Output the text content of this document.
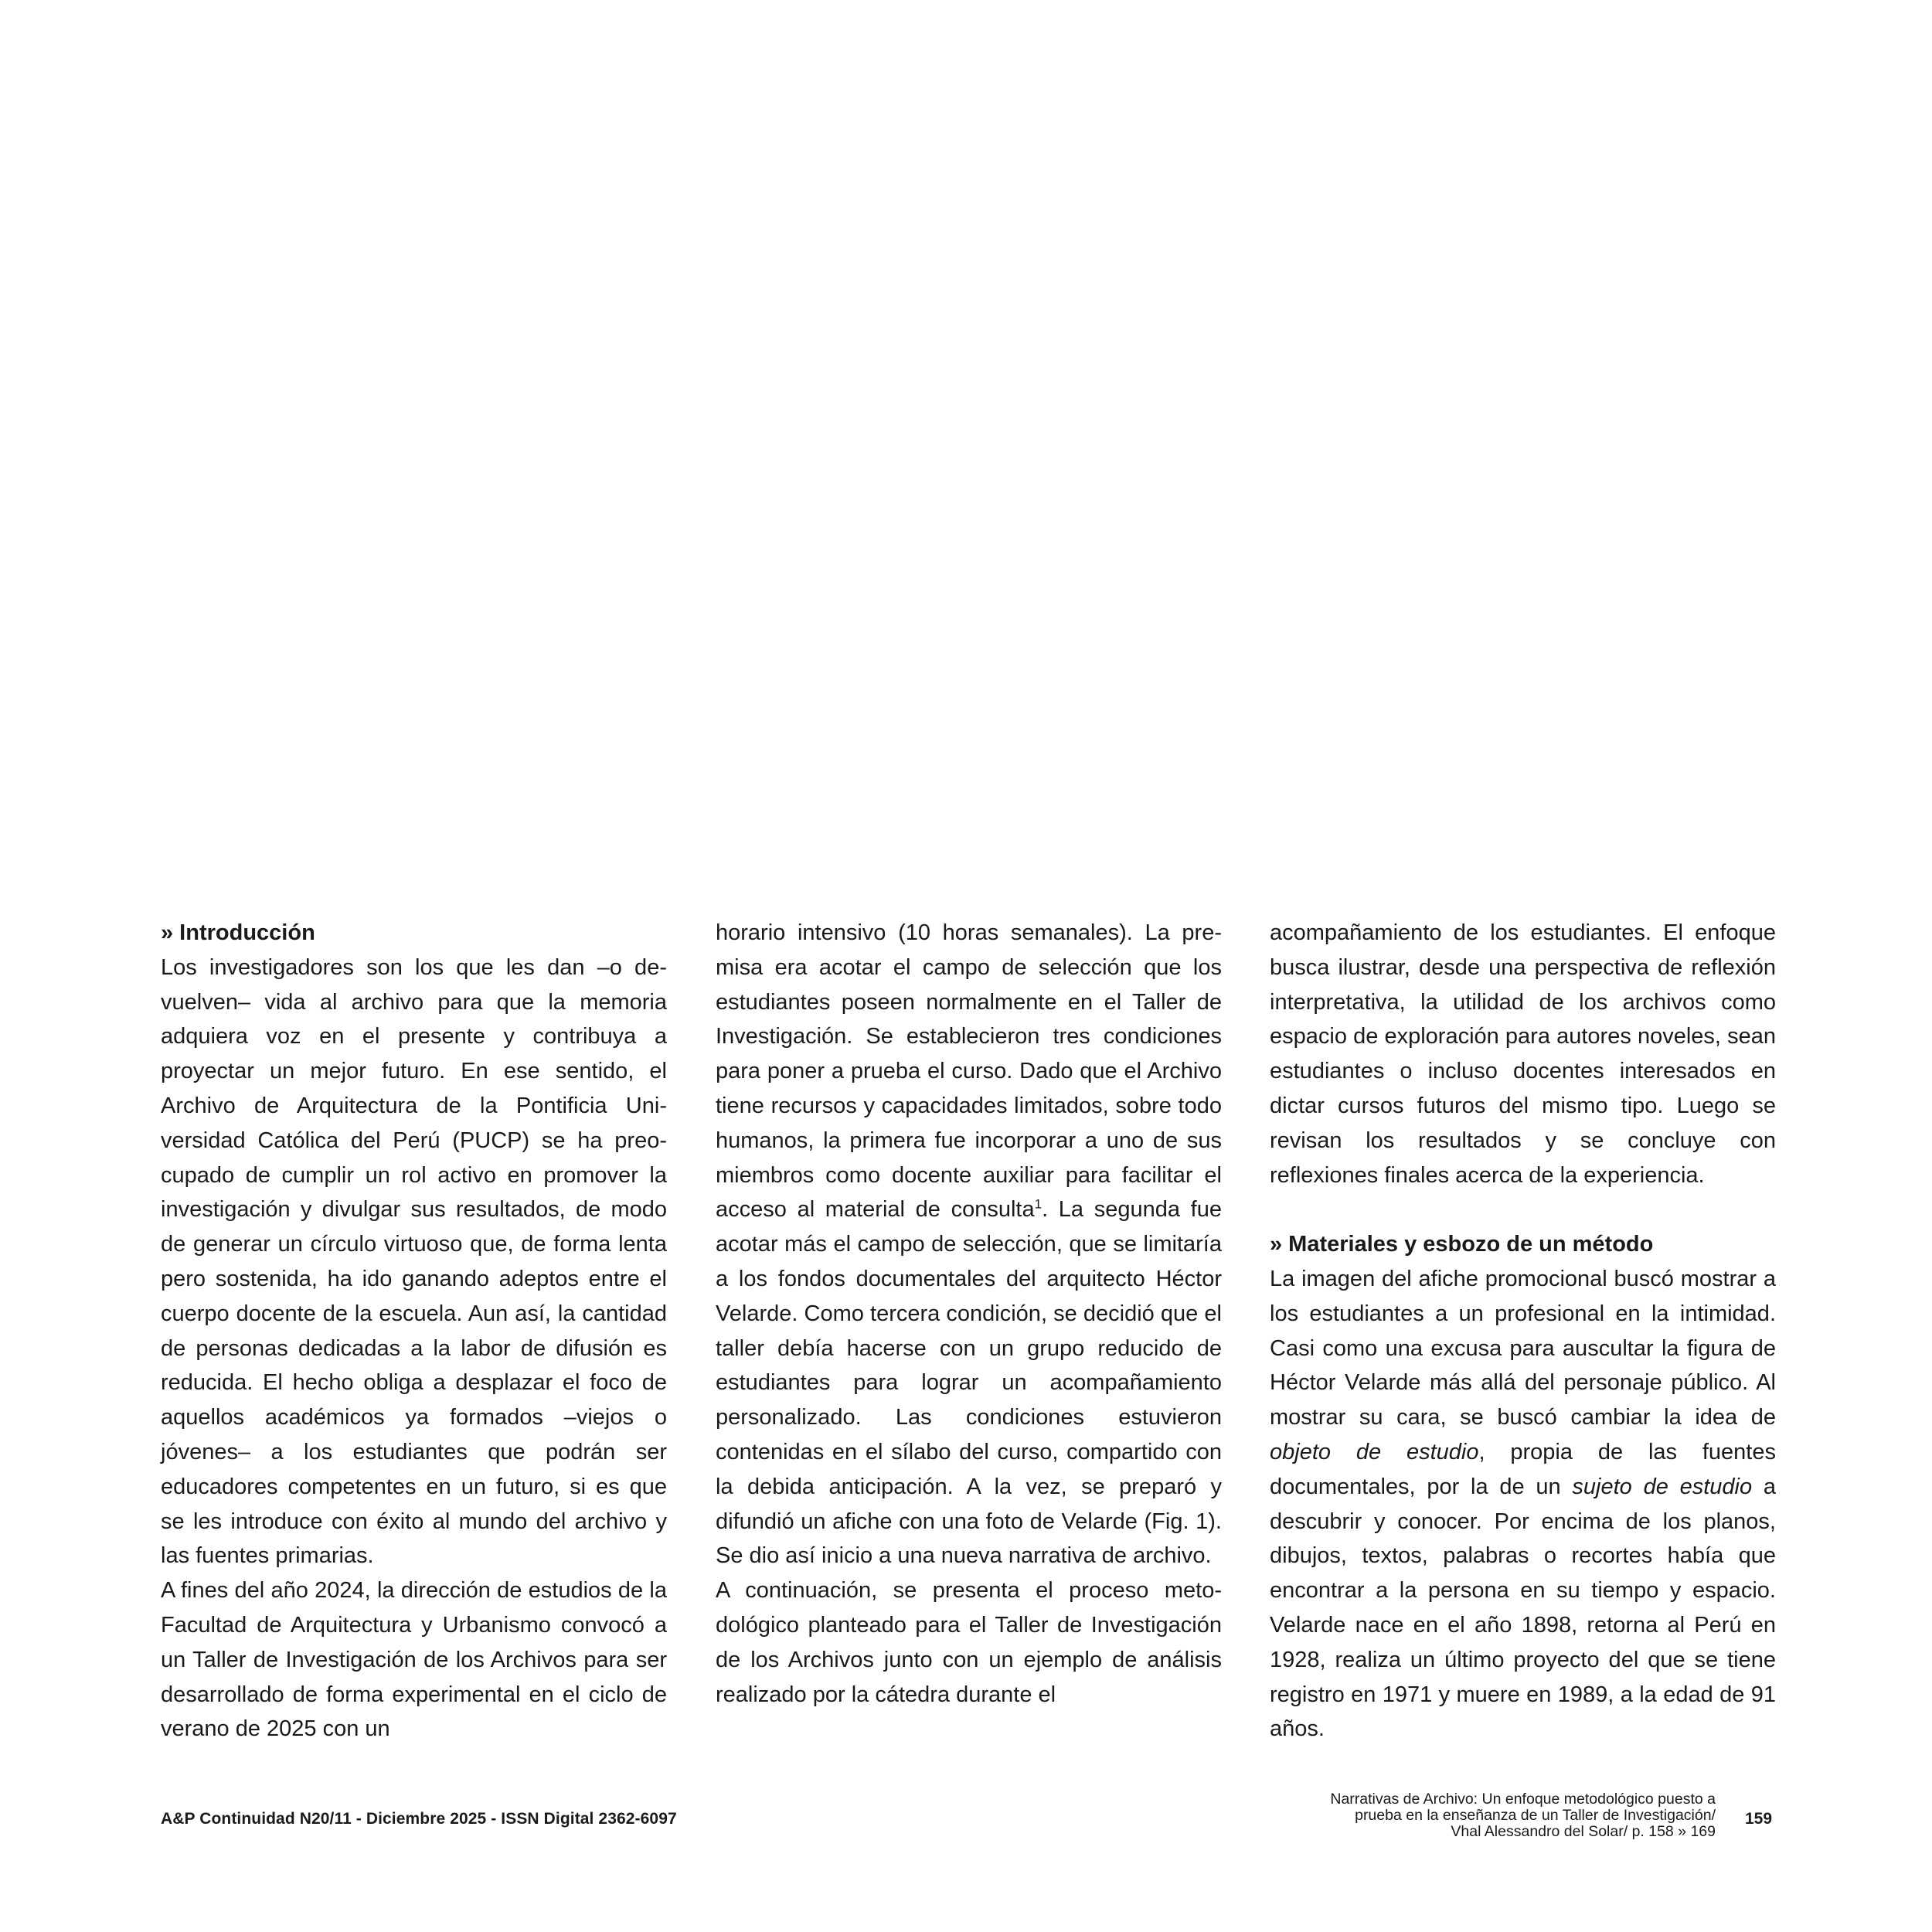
» Introducción

Los investigadores son los que les dan –o devuelven– vida al archivo para que la memoria adquiera voz en el presente y contribuya a proyectar un mejor futuro. En ese sentido, el Archivo de Arquitectura de la Pontificia Universidad Católica del Perú (PUCP) se ha preocupado de cumplir un rol activo en promover la investigación y divulgar sus resultados, de modo de generar un círculo virtuoso que, de forma lenta pero sostenida, ha ido ganando adeptos entre el cuerpo docente de la escuela. Aun así, la cantidad de personas dedicadas a la labor de difusión es reducida. El hecho obliga a desplazar el foco de aquellos académicos ya formados –viejos o jóvenes– a los estudiantes que podrán ser educadores competentes en un futuro, si es que se les introduce con éxito al mundo del archivo y las fuentes primarias.

A fines del año 2024, la dirección de estudios de la Facultad de Arquitectura y Urbanismo convocó a un Taller de Investigación de los Archivos para ser desarrollado de forma experimental en el ciclo de verano de 2025 con un

horario intensivo (10 horas semanales). La premisa era acotar el campo de selección que los estudiantes poseen normalmente en el Taller de Investigación. Se establecieron tres condiciones para poner a prueba el curso. Dado que el Archivo tiene recursos y capacidades limitados, sobre todo humanos, la primera fue incorporar a uno de sus miembros como docente auxiliar para facilitar el acceso al material de consulta$^1$. La segunda fue acotar más el campo de selección, que se limitaría a los fondos documentales del arquitecto Héctor Velarde. Como tercera condición, se decidió que el taller debía hacerse con un grupo reducido de estudiantes para lograr un acompañamiento personalizado. Las condiciones estuvieron contenidas en el sílabo del curso, compartido con la debida anticipación. A la vez, se preparó y difundió un afiche con una foto de Velarde (Fig. 1). Se dio así inicio a una nueva narrativa de archivo.

A continuación, se presenta el proceso metodológico planteado para el Taller de Investigación de los Archivos junto con un ejemplo de análisis realizado por la cátedra durante el

acompañamiento de los estudiantes. El enfoque busca ilustrar, desde una perspectiva de reflexión interpretativa, la utilidad de los archivos como espacio de exploración para autores noveles, sean estudiantes o incluso docentes interesados en dictar cursos futuros del mismo tipo. Luego se revisan los resultados y se concluye con reflexiones finales acerca de la experiencia.

» Materiales y esbozo de un método

La imagen del afiche promocional buscó mostrar a los estudiantes a un profesional en la intimidad. Casi como una excusa para auscultar la figura de Héctor Velarde más allá del personaje público. Al mostrar su cara, se buscó cambiar la idea de objeto de estudio, propia de las fuentes documentales, por la de un sujeto de estudio a descubrir y conocer. Por encima de los planos, dibujos, textos, palabras o recortes había que encontrar a la persona en su tiempo y espacio. Velarde nace en el año 1898, retorna al Perú en 1928, realiza un último proyecto del que se tiene registro en 1971 y muere en 1989, a la edad de 91 años.

A&P Continuidad N20/11 - Diciembre 2025 - ISSN Digital 2362-6097
Narrativas de Archivo: Un enfoque metodológico puesto a
prueba en la enseñanza de un Taller de Investigación/
Vhal Alessandro del Solar/ p. 158 » 169
159
